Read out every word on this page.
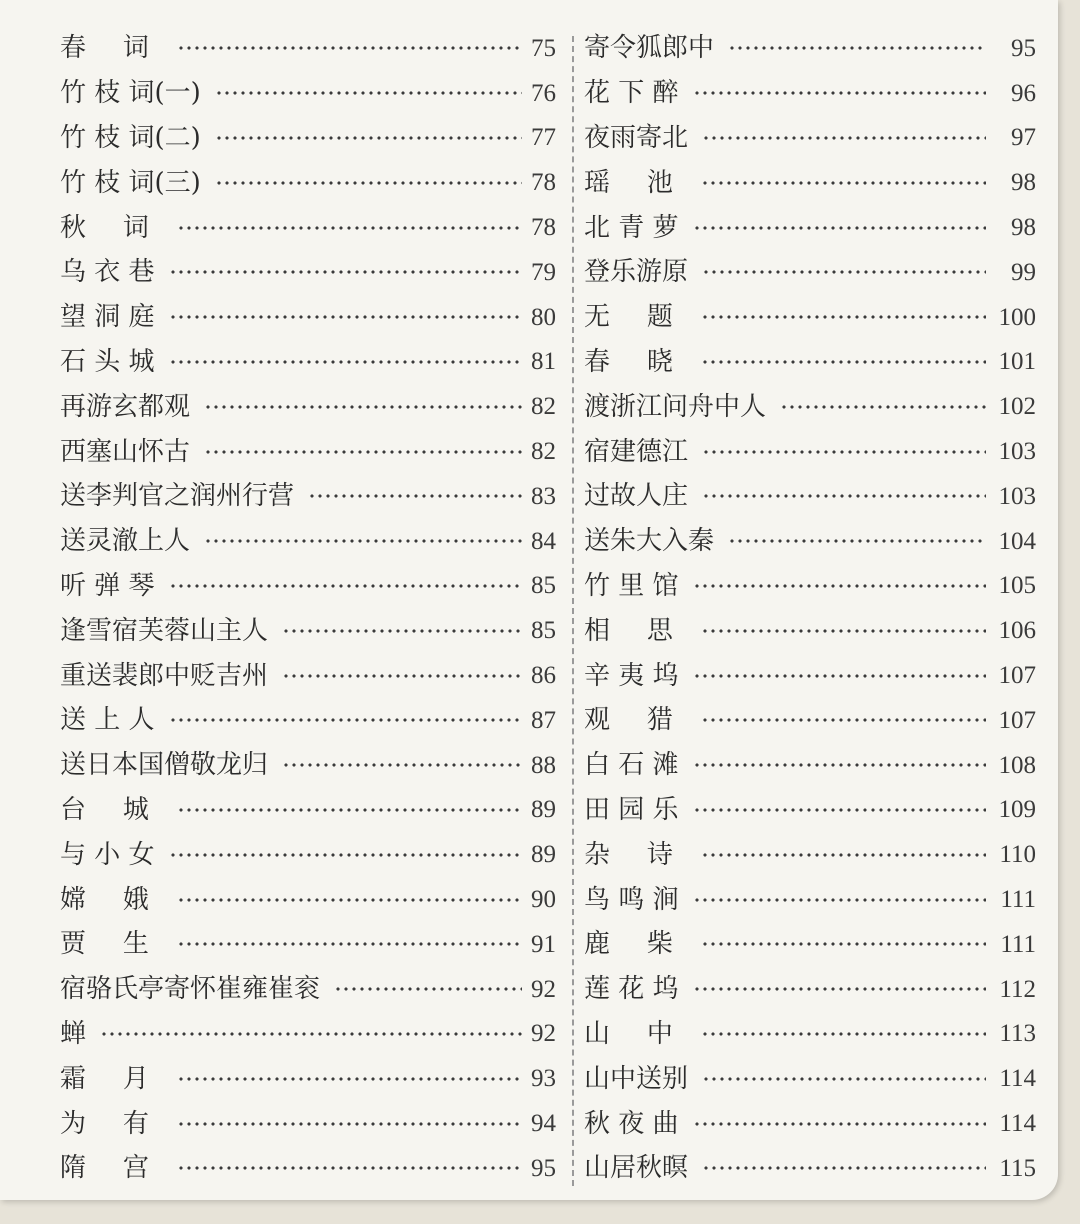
春 词	75
竹 枝 词(一)	76
竹 枝 词(二)	77
竹 枝 词(三)	78
秋 词	78
乌 衣 巷	79
望 洞 庭	80
石 头 城	81
再游玄都观	82
西塞山怀古	82
送李判官之润州行营	83
送灵澈上人	84
听 弹 琴	85
逢雪宿芙蓉山主人	85
重送裴郎中贬吉州	86
送 上 人	87
送日本国僧敬龙归	88
台 城	89
与 小 女	89
嫦 娥	90
贾 生	91
宿骆氏亭寄怀崔雍崔衮	92
蝉	92
霜 月	93
为 有	94
隋 宫	95
寄令狐郎中	95
花 下 醉	96
夜雨寄北	97
瑶 池	98
北 青 萝	98
登乐游原	99
无 题	100
春 晓	101
渡浙江问舟中人	102
宿建德江	103
过故人庄	103
送朱大入秦	104
竹 里 馆	105
相 思	106
辛 夷 坞	107
观 猎	107
白 石 滩	108
田 园 乐	109
杂 诗	110
鸟 鸣 涧	111
鹿 柴	111
莲 花 坞	112
山 中	113
山中送别	114
秋 夜 曲	114
山居秋暝	115
